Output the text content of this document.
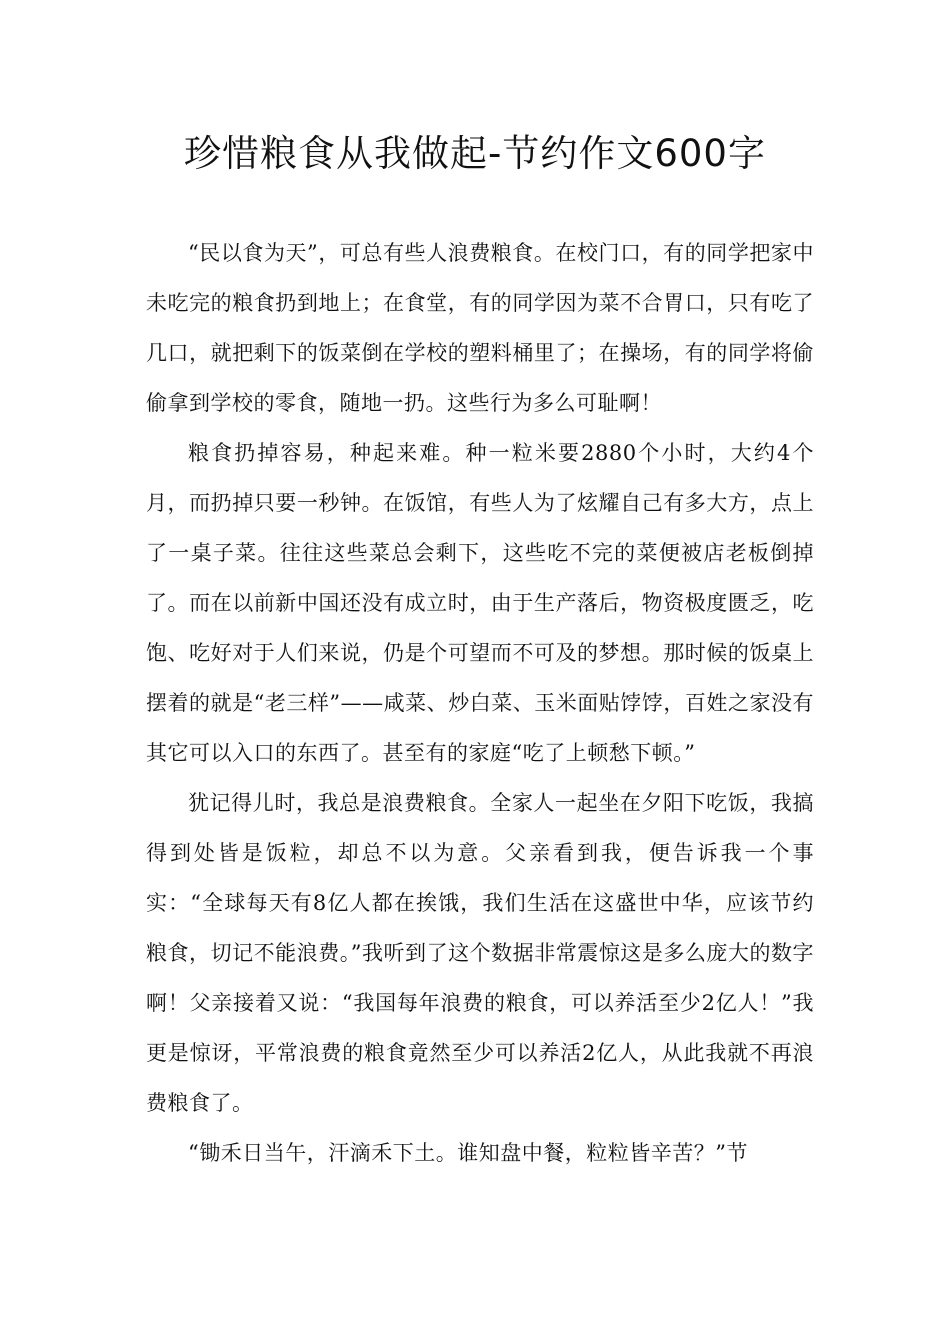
珍惜粮食从我做起-节约作文600字

“民以食为天”，可总有些人浪费粮食。在校门口，有的同学把家中未吃完的粮食扔到地上；在食堂，有的同学因为菜不合胃口，只有吃了几口，就把剩下的饭菜倒在学校的塑料桶里了；在操场，有的同学将偷偷拿到学校的零食，随地一扔。这些行为多么可耻啊！

粮食扔掉容易，种起来难。种一粒米要2880个小时，大约4个月，而扔掉只要一秒钟。在饭馆，有些人为了炫耀自己有多大方，点上了一桌子菜。往往这些菜总会剩下，这些吃不完的菜便被店老板倒掉了。而在以前新中国还没有成立时，由于生产落后，物资极度匮乏，吃饱、吃好对于人们来说，仍是个可望而不可及的梦想。那时候的饭桌上摆着的就是“老三样”——咸菜、炒白菜、玉米面贴饽饽，百姓之家没有其它可以入口的东西了。甚至有的家庭“吃了上顿愁下顿。”

犹记得儿时，我总是浪费粮食。全家人一起坐在夕阳下吃饭，我搞得到处皆是饭粒，却总不以为意。父亲看到我，便告诉我一个事实：“全球每天有8亿人都在挨饿，我们生活在这盛世中华，应该节约粮食，切记不能浪费。”我听到了这个数据非常震惊这是多么庞大的数字啊！父亲接着又说：“我国每年浪费的粮食，可以养活至少2亿人！”我更是惊讶，平常浪费的粮食竟然至少可以养活2亿人，从此我就不再浪费粮食了。

“锄禾日当午，汗滴禾下土。谁知盘中餐，粒粒皆辛苦？”节
